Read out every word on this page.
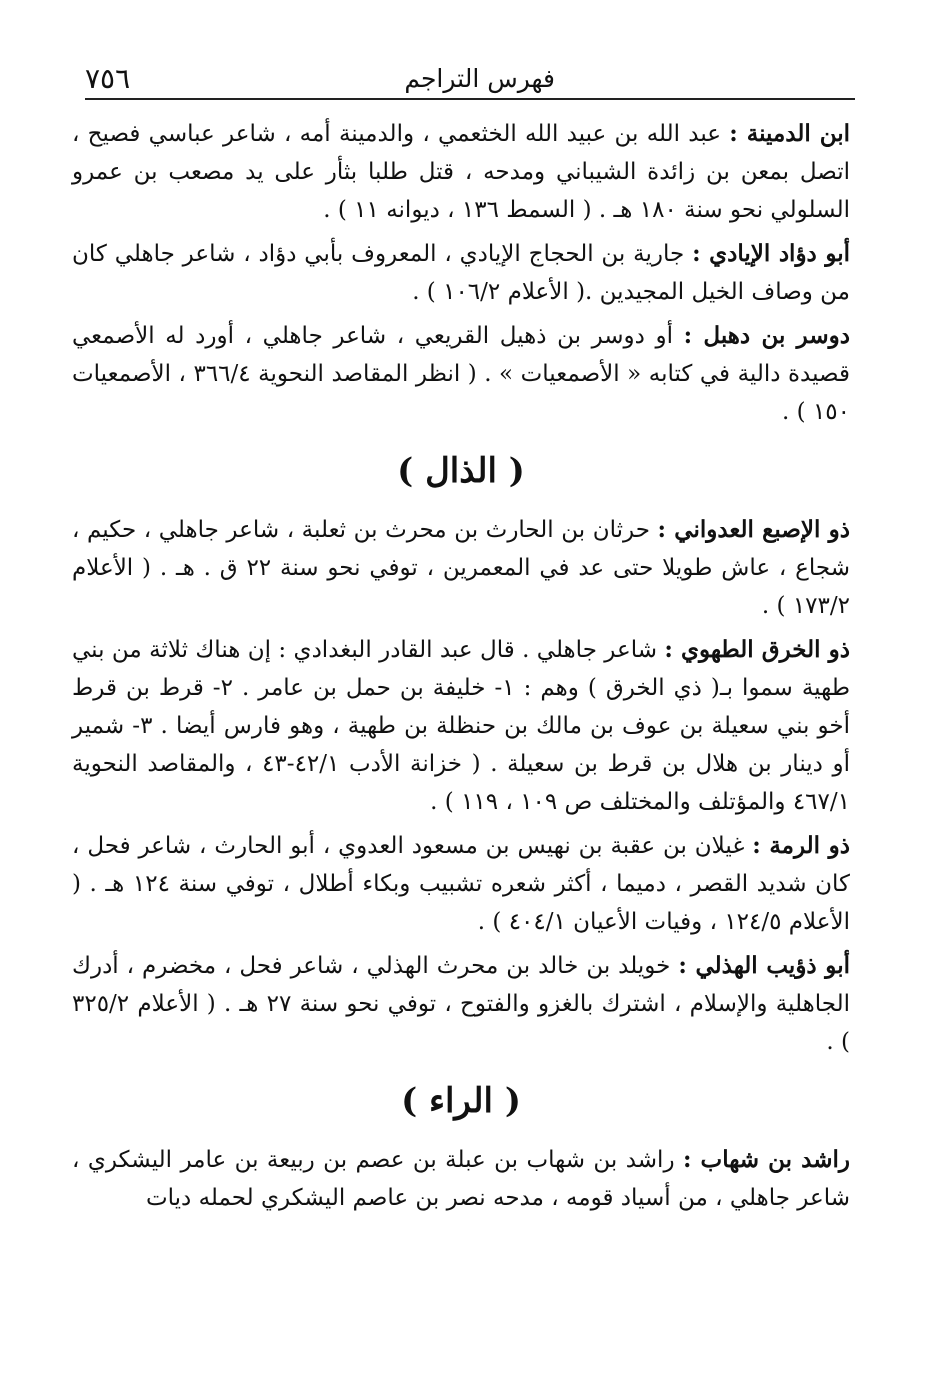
فهرس التراجم
٧٥٦
ابن الدمينة : عبد الله بن عبيد الله الخثعمي ، والدمينة أمه ، شاعر عباسي فصيح ، اتصل بمعن بن زائدة الشيباني ومدحه ، قتل طلبا بثأر على يد مصعب بن عمرو السلولي نحو سنة ١٨٠ هـ . ( السمط ١٣٦ ، ديوانه ١١ ) .
أبو دؤاد الإيادي : جارية بن الحجاج الإيادي ، المعروف بأبي دؤاد ، شاعر جاهلي كان من وصاف الخيل المجيدين .( الأعلام ١٠٦/٢ ) .
دوسر بن دهبل : أو دوسر بن ذهيل القريعي ، شاعر جاهلي ، أورد له الأصمعي قصيدة دالية في كتابه « الأصمعيات » . ( انظر المقاصد النحوية ٣٦٦/٤ ، الأصمعيات ١٥٠ ) .
( الذال )
ذو الإصبع العدواني : حرثان بن الحارث بن محرث بن ثعلبة ، شاعر جاهلي ، حكيم ، شجاع ، عاش طويلا حتى عد في المعمرين ، توفي نحو سنة ٢٢ ق . هـ . ( الأعلام ١٧٣/٢ ) .
ذو الخرق الطهوي : شاعر جاهلي . قال عبد القادر البغدادي : إن هناك ثلاثة من بني طهية سموا بـ( ذي الخرق ) وهم : ١- خليفة بن حمل بن عامر . ٢- قرط بن قرط أخو بني سعيلة بن عوف بن مالك بن حنظلة بن طهية ، وهو فارس أيضا . ٣- شمير أو دينار بن هلال بن قرط بن سعيلة . ( خزانة الأدب ٤٢/١-٤٣ ، والمقاصد النحوية ٤٦٧/١ والمؤتلف والمختلف ص ١٠٩ ، ١١٩ ) .
ذو الرمة : غيلان بن عقبة بن نهيس بن مسعود العدوي ، أبو الحارث ، شاعر فحل ، كان شديد القصر ، دميما ، أكثر شعره تشبيب وبكاء أطلال ، توفي سنة ١٢٤ هـ . ( الأعلام ١٢٤/٥ ، وفيات الأعيان ٤٠٤/١ ) .
أبو ذؤيب الهذلي : خويلد بن خالد بن محرث الهذلي ، شاعر فحل ، مخضرم ، أدرك الجاهلية والإسلام ، اشترك بالغزو والفتوح ، توفي نحو سنة ٢٧ هـ . ( الأعلام ٣٢٥/٢ ) .
( الراء )
راشد بن شهاب : راشد بن شهاب بن عبلة بن عصم بن ربيعة بن عامر اليشكري ، شاعر جاهلي ، من أسياد قومه ، مدحه نصر بن عاصم اليشكري لحمله ديات
